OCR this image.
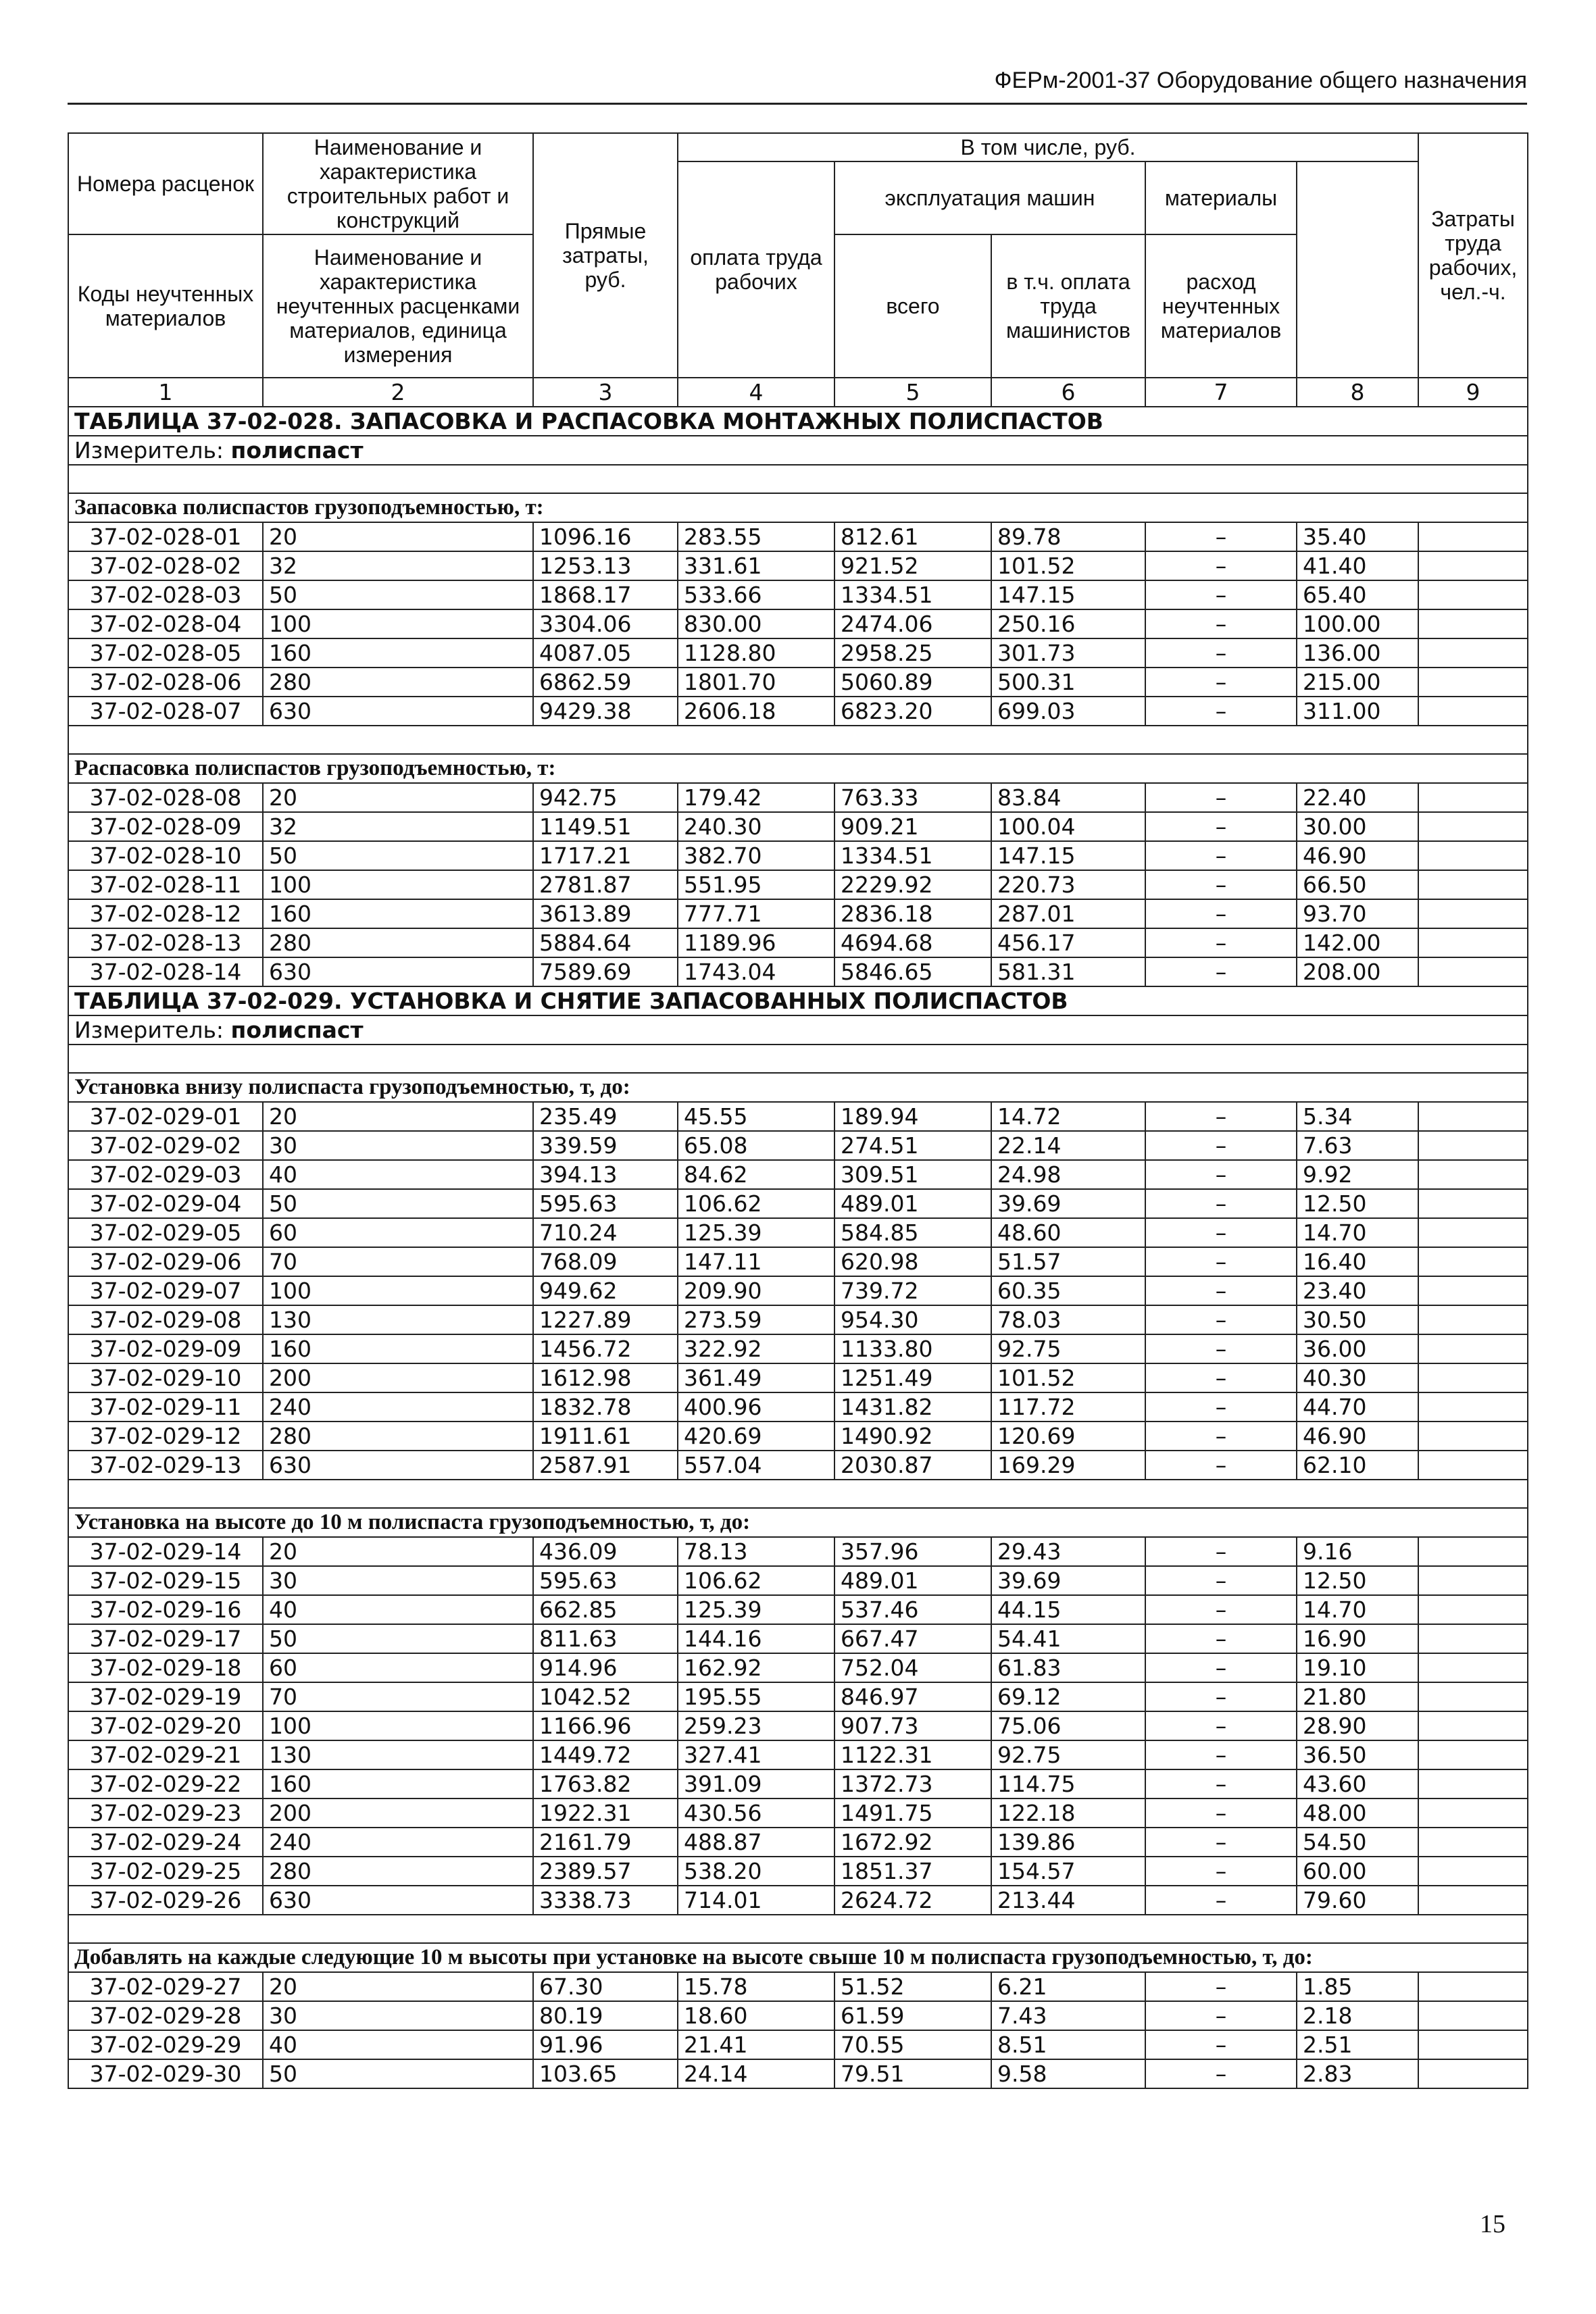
ФЕРм-2001-37 Оборудование общего назначения
Номера расценок	Наименование и характеристика строительных работ и конструкций	Прямые затраты, руб.	В том числе, руб.					Затраты труда рабочих, чел.-ч.	
			оплата труда рабочих	эксплуатация машин		материалы			
Коды неучтенных материалов	Наименование и характеристика неучтенных расценками материалов, единица измерения			всего	в т.ч. оплата труда машинистов	расход неучтенных материалов			

1	2	3	4	5	6	7	8	9	
ТАБЛИЦА 37-02-028. ЗАПАСОВКА И РАСПАСОВКА МОНТАЖНЫХ ПОЛИСПАСТОВ									
Измеритель: полиспаст									

Запасовка полиспастов грузоподъемностью, т:									
37-02-028-01	20	1096.16	283.55	812.61	89.78	–	35.40		
37-02-028-02	32	1253.13	331.61	921.52	101.52	–	41.40		
37-02-028-03	50	1868.17	533.66	1334.51	147.15	–	65.40		
37-02-028-04	100	3304.06	830.00	2474.06	250.16	–	100.00		
37-02-028-05	160	4087.05	1128.80	2958.25	301.73	–	136.00		
37-02-028-06	280	6862.59	1801.70	5060.89	500.31	–	215.00		
37-02-028-07	630	9429.38	2606.18	6823.20	699.03	–	311.00		

Распасовка полиспастов грузоподъемностью, т:									
37-02-028-08	20	942.75	179.42	763.33	83.84	–	22.40		
37-02-028-09	32	1149.51	240.30	909.21	100.04	–	30.00		
37-02-028-10	50	1717.21	382.70	1334.51	147.15	–	46.90		
37-02-028-11	100	2781.87	551.95	2229.92	220.73	–	66.50		
37-02-028-12	160	3613.89	777.71	2836.18	287.01	–	93.70		
37-02-028-13	280	5884.64	1189.96	4694.68	456.17	–	142.00		
37-02-028-14	630	7589.69	1743.04	5846.65	581.31	–	208.00		
ТАБЛИЦА 37-02-029. УСТАНОВКА И СНЯТИЕ ЗАПАСОВАННЫХ ПОЛИСПАСТОВ									
Измеритель: полиспаст									

Установка внизу полиспаста грузоподъемностью, т, до:									
37-02-029-01	20	235.49	45.55	189.94	14.72	–	5.34		
37-02-029-02	30	339.59	65.08	274.51	22.14	–	7.63		
37-02-029-03	40	394.13	84.62	309.51	24.98	–	9.92		
37-02-029-04	50	595.63	106.62	489.01	39.69	–	12.50		
37-02-029-05	60	710.24	125.39	584.85	48.60	–	14.70		
37-02-029-06	70	768.09	147.11	620.98	51.57	–	16.40		
37-02-029-07	100	949.62	209.90	739.72	60.35	–	23.40		
37-02-029-08	130	1227.89	273.59	954.30	78.03	–	30.50		
37-02-029-09	160	1456.72	322.92	1133.80	92.75	–	36.00		
37-02-029-10	200	1612.98	361.49	1251.49	101.52	–	40.30		
37-02-029-11	240	1832.78	400.96	1431.82	117.72	–	44.70		
37-02-029-12	280	1911.61	420.69	1490.92	120.69	–	46.90		
37-02-029-13	630	2587.91	557.04	2030.87	169.29	–	62.10		

Установка на высоте до 10 м полиспаста грузоподъемностью, т, до:									
37-02-029-14	20	436.09	78.13	357.96	29.43	–	9.16		
37-02-029-15	30	595.63	106.62	489.01	39.69	–	12.50		
37-02-029-16	40	662.85	125.39	537.46	44.15	–	14.70		
37-02-029-17	50	811.63	144.16	667.47	54.41	–	16.90		
37-02-029-18	60	914.96	162.92	752.04	61.83	–	19.10		
37-02-029-19	70	1042.52	195.55	846.97	69.12	–	21.80		
37-02-029-20	100	1166.96	259.23	907.73	75.06	–	28.90		
37-02-029-21	130	1449.72	327.41	1122.31	92.75	–	36.50		
37-02-029-22	160	1763.82	391.09	1372.73	114.75	–	43.60		
37-02-029-23	200	1922.31	430.56	1491.75	122.18	–	48.00		
37-02-029-24	240	2161.79	488.87	1672.92	139.86	–	54.50		
37-02-029-25	280	2389.57	538.20	1851.37	154.57	–	60.00		
37-02-029-26	630	3338.73	714.01	2624.72	213.44	–	79.60		

Добавлять на каждые следующие 10 м высоты при установке на высоте свыше 10 м полиспаста грузоподъемностью, т, до:									
37-02-029-27	20	67.30	15.78	51.52	6.21	–	1.85		
37-02-029-28	30	80.19	18.60	61.59	7.43	–	2.18		
37-02-029-29	40	91.96	21.41	70.55	8.51	–	2.51		
37-02-029-30	50	103.65	24.14	79.51	9.58	–	2.83		
15
